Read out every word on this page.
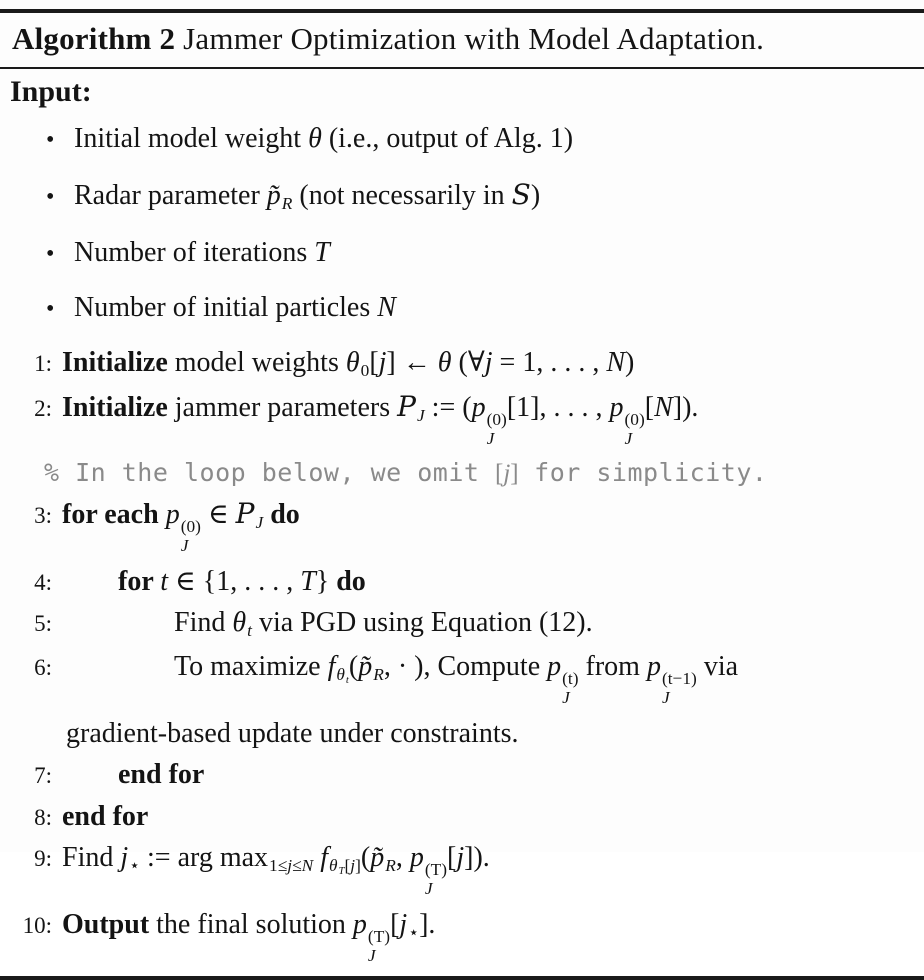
Algorithm 2 Jammer Optimization with Model Adaptation.
Input:
• Initial model weight θ (i.e., output of Alg. 1)
• Radar parameter p̃R (not necessarily in S)
• Number of iterations T
• Number of initial particles N
1: Initialize model weights θ0[j] ← θ (∀j = 1, . . . , N)
2: Initialize jammer parameters PJ := (p (0)
J
[1], . . . , p (0)
J
[N]).
% In the loop below, we omit [j] for simplicity.
3: for each p (0)
J
∈ PJ do
4:	for t ∈ {1, . . . , T} do
5:	Find θt via PGD using Equation (12).
6:	To maximize fθt(p̃R, · ), Compute p (t)
J
from p (t−1)
J
via
gradient-based update under constraints.
7:	end for
8: end for
9: Find j⋆ := arg max1≤j≤N fθT[j](p̃R, p (T)
J
[j]).
10: Output the final solution p (T)
J
[j⋆].
